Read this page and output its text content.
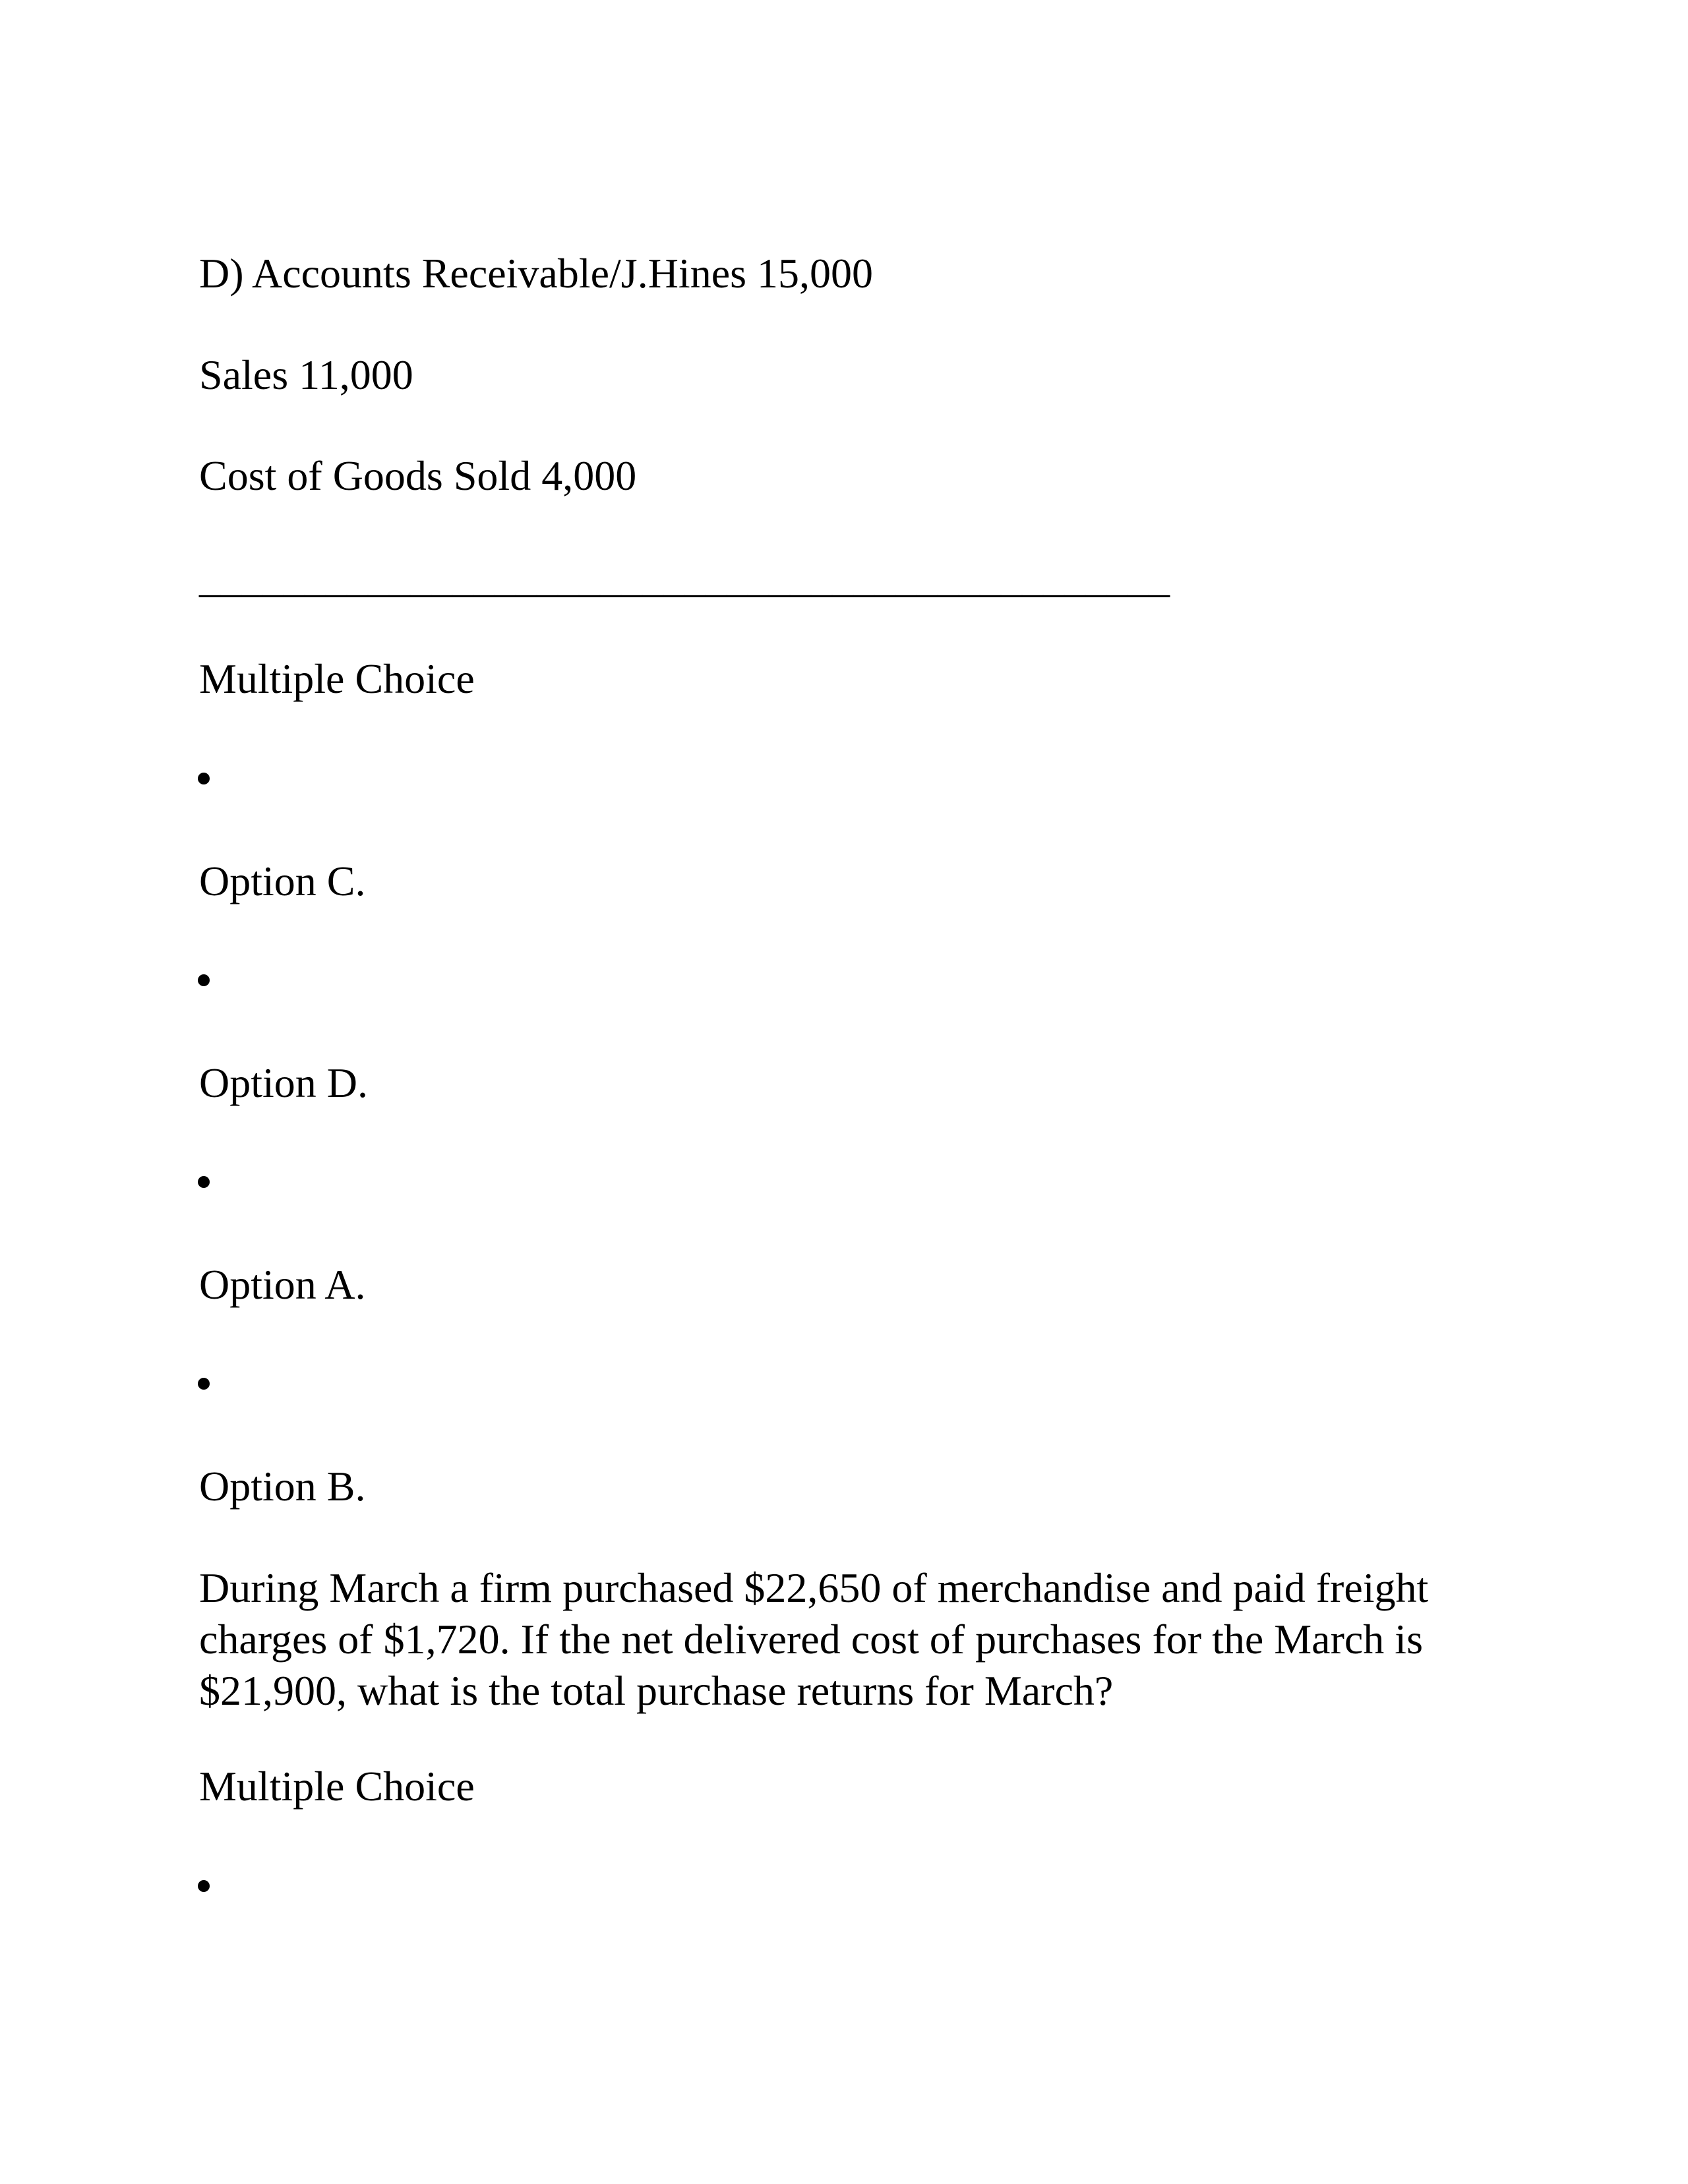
D) Accounts Receivable/J.Hines 15,000

Sales 11,000

Cost of Goods Sold 4,000

______________________________________________

Multiple Choice

Option C.

Option D.

Option A.

Option B.

During March a firm purchased $22,650 of merchandise and paid freight
charges of $1,720. If the net delivered cost of purchases for the March is
$21,900, what is the total purchase returns for March?

Multiple Choice
